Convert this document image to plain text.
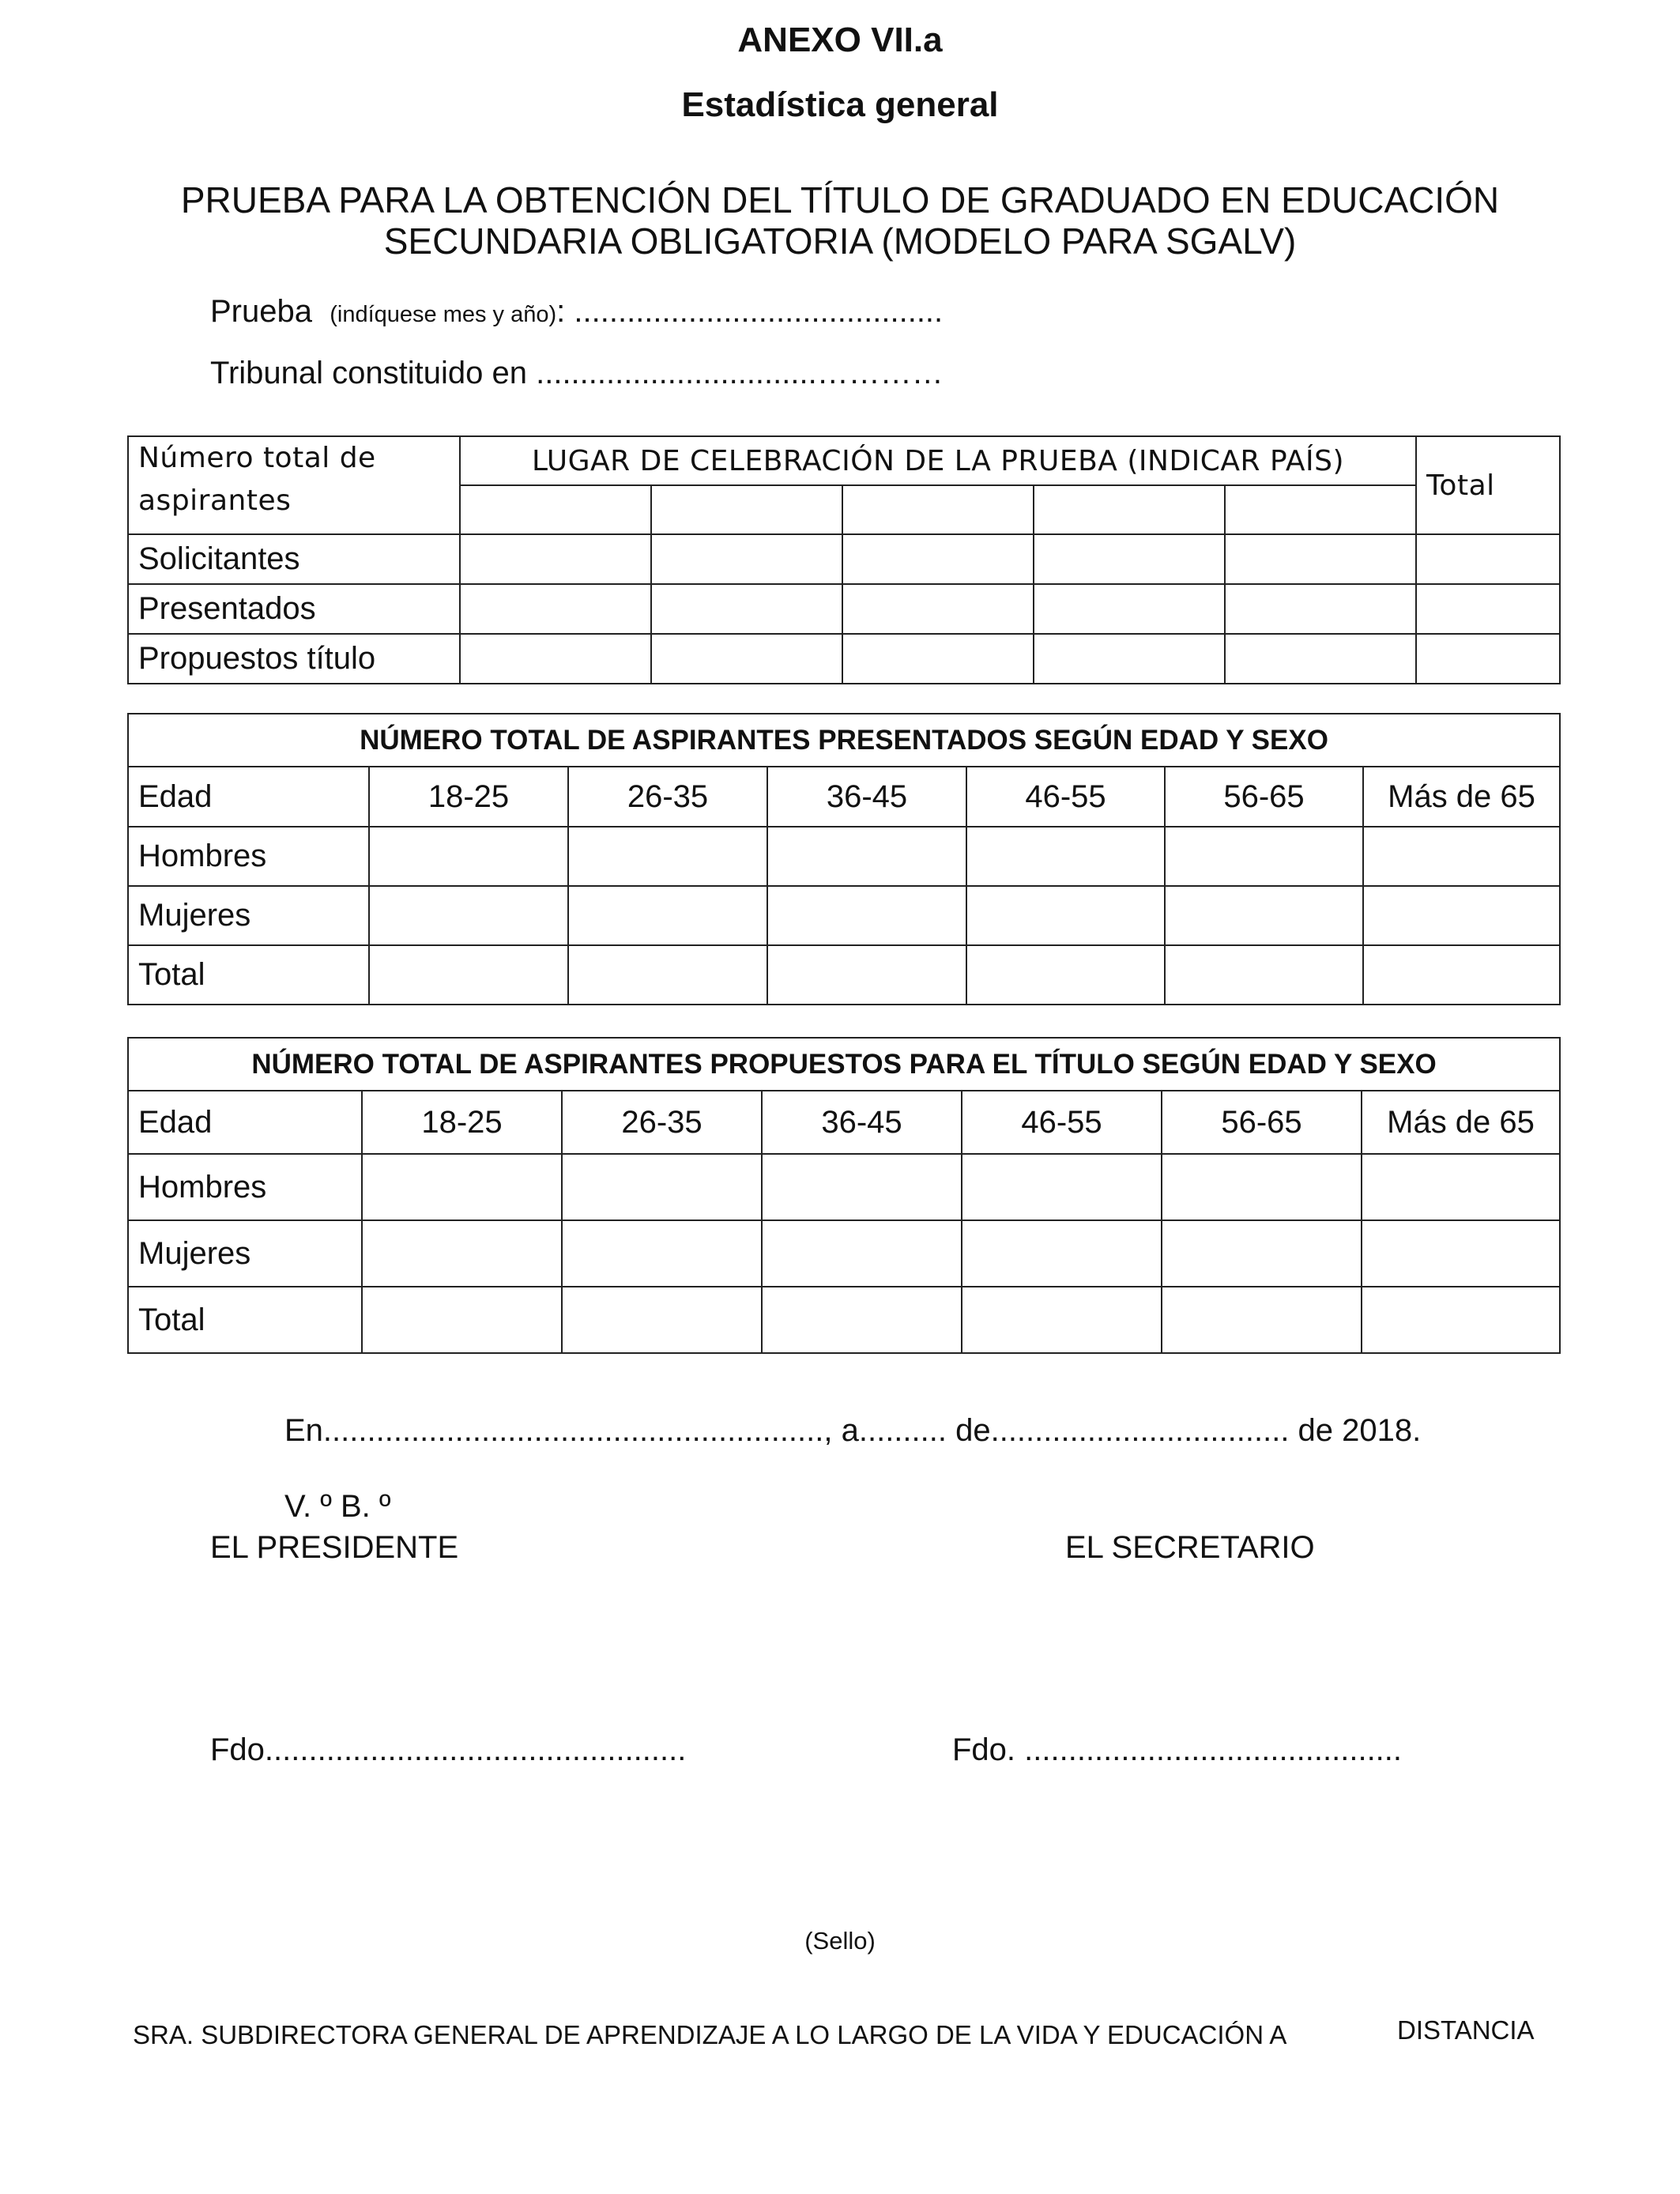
ANEXO VII.a
Estadística general
PRUEBA PARA LA OBTENCIÓN DEL TÍTULO DE GRADUADO EN EDUCACIÓN
SECUNDARIA OBLIGATORIA (MODELO PARA SGALV)
Prueba (indíquese mes y año): ..........................................
Tribunal constituido en ................................…………
Número total de aspirantes	LUGAR DE CELEBRACIÓN DE LA PRUEBA (INDICAR PAÍS)					Total

Solicitantes						
Presentados						
Propuestos título						
NÚMERO TOTAL DE ASPIRANTES PRESENTADOS SEGÚN EDAD Y SEXO						
Edad	18-25	26-35	36-45	46-55	56-65	Más de 65
Hombres						
Mujeres						
Total						
NÚMERO TOTAL DE ASPIRANTES PROPUESTOS PARA EL TÍTULO SEGÚN EDAD Y SEXO						
Edad	18-25	26-35	36-45	46-55	56-65	Más de 65
Hombres						
Mujeres						
Total						
En........................................................., a.......... de.................................. de 2018.
V. º B. º
EL PRESIDENTE	EL SECRETARIO
Fdo................................................	Fdo. ...........................................
(Sello)
SRA. SUBDIRECTORA GENERAL DE APRENDIZAJE A LO LARGO DE LA VIDA Y EDUCACIÓN A	DISTANCIA
